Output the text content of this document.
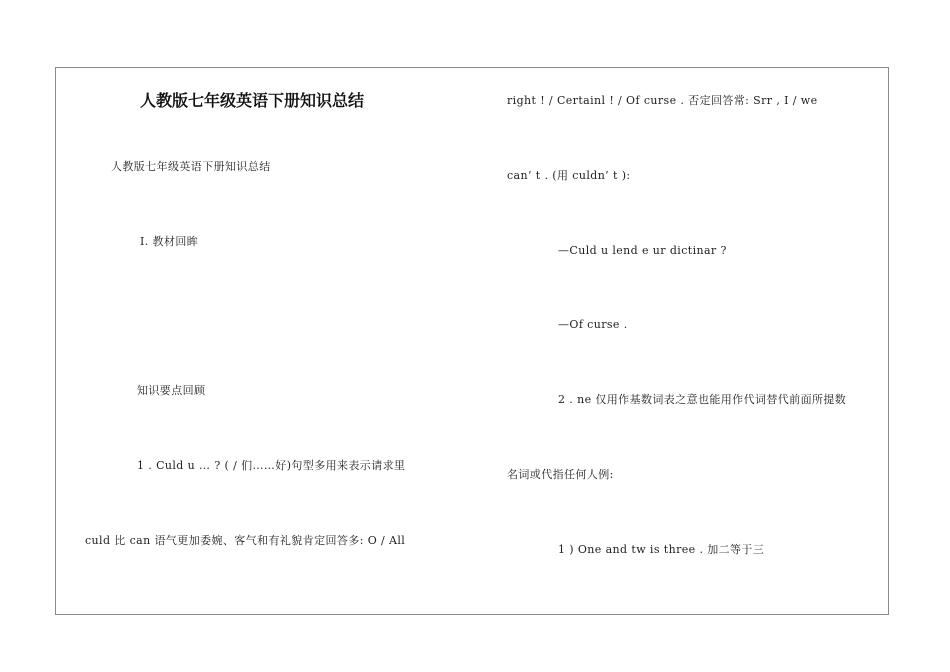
人教版七年级英语下册知识总结
人教版七年级英语下册知识总结
Ⅰ. 教材回眸
知识要点回顾
1 . Culd u … ? ( / 们……好)句型多用来表示请求里
culd 比 can 语气更加委婉、客气和有礼貌肯定回答多: O / All
right ! / Certainl ! / Of curse . 否定回答常: Srr , I / we
can’ t . (用 culdn’ t ):
—Culd u lend e ur dictinar ?
—Of curse .
2 . ne 仅用作基数词表之意也能用作代词替代前面所提数
名词或代指任何人例:
1 ) One and tw is three . 加二等于三
